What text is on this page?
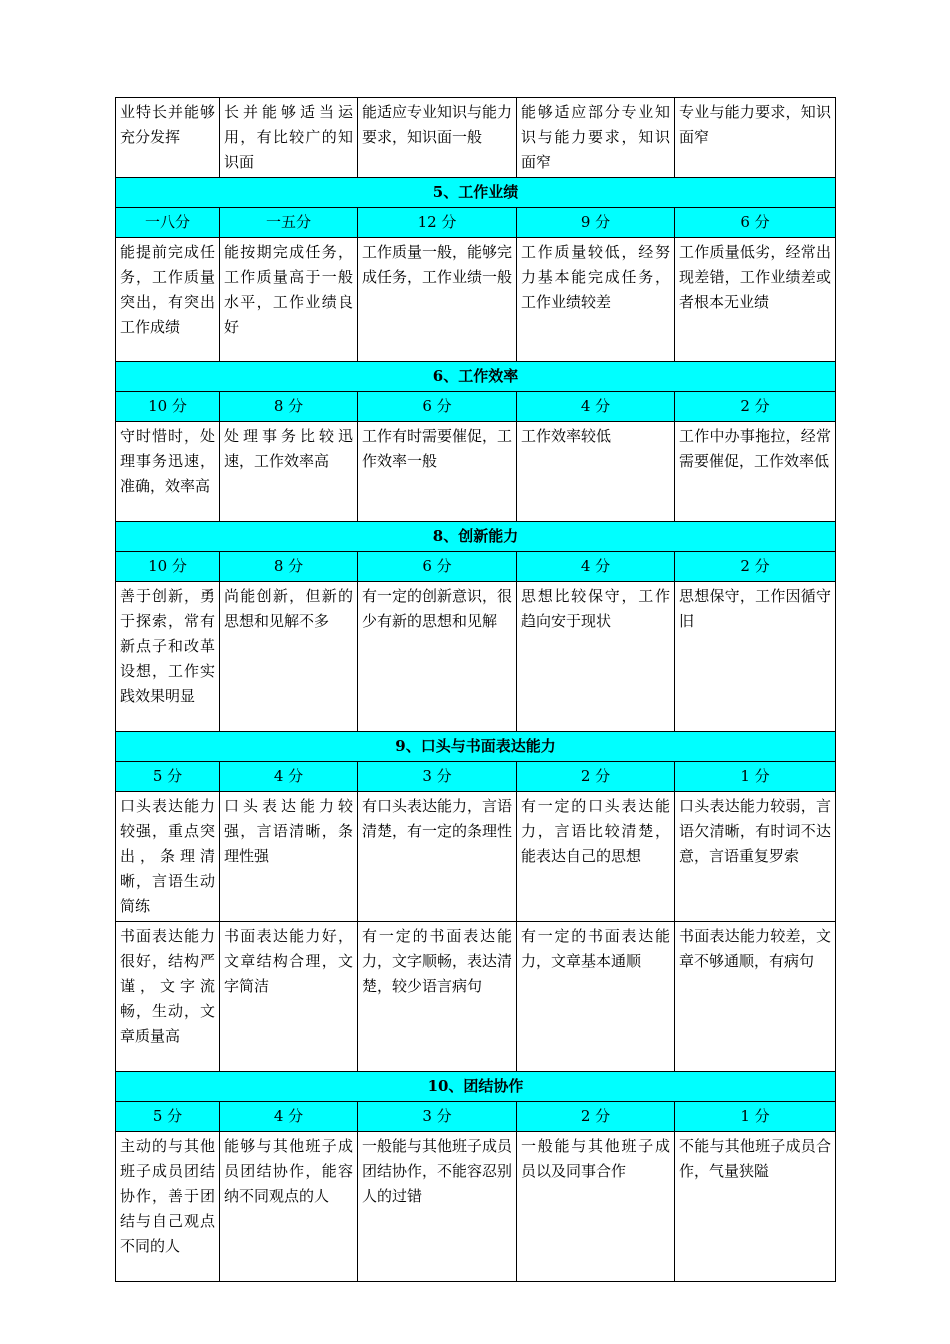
业特长并能够充分发挥	长并能够适当运用，有比较广的知识面	能适应专业知识与能力要求，知识面一般	能够适应部分专业知识与能力要求，知识面窄	专业与能力要求，知识面窄
5、工作业绩				
一八分	一五分	12 分	9 分	6 分
能提前完成任务，工作质量突出，有突出工作成绩	能按期完成任务，工作质量高于一般水平，工作业绩良好	工作质量一般，能够完成任务，工作业绩一般	工作质量较低，经努力基本能完成任务，工作业绩较差	工作质量低劣，经常出现差错，工作业绩差或者根本无业绩
6、工作效率				
10 分	8 分	6 分	4 分	2 分
守时惜时，处理事务迅速，准确，效率高	处理事务比较迅速，工作效率高	工作有时需要催促，工作效率一般	工作效率较低	工作中办事拖拉，经常需要催促，工作效率低
8、创新能力				
10 分	8 分	6 分	4 分	2 分
善于创新，勇于探索，常有新点子和改革设想，工作实践效果明显	尚能创新，但新的思想和见解不多	有一定的创新意识，很少有新的思想和见解	思想比较保守，工作趋向安于现状	思想保守，工作因循守旧
9、口头与书面表达能力				
5 分	4 分	3 分	2 分	1 分
口头表达能力较强，重点突出，条理清晰，言语生动简练	口头表达能力较强，言语清晰，条理性强	有口头表达能力，言语清楚，有一定的条理性	有一定的口头表达能力，言语比较清楚，能表达自己的思想	口头表达能力较弱，言语欠清晰，有时词不达意，言语重复罗索
书面表达能力很好，结构严谨，文字流畅，生动，文章质量高	书面表达能力好，文章结构合理，文字简洁	有一定的书面表达能力，文字顺畅，表达清楚，较少语言病句	有一定的书面表达能力，文章基本通顺	书面表达能力较差，文章不够通顺，有病句
10、团结协作				
5 分	4 分	3 分	2 分	1 分
主动的与其他班子成员团结协作，善于团结与自己观点不同的人	能够与其他班子成员团结协作，能容纳不同观点的人	一般能与其他班子成员团结协作，不能容忍别人的过错	一般能与其他班子成员以及同事合作	不能与其他班子成员合作，气量狭隘
